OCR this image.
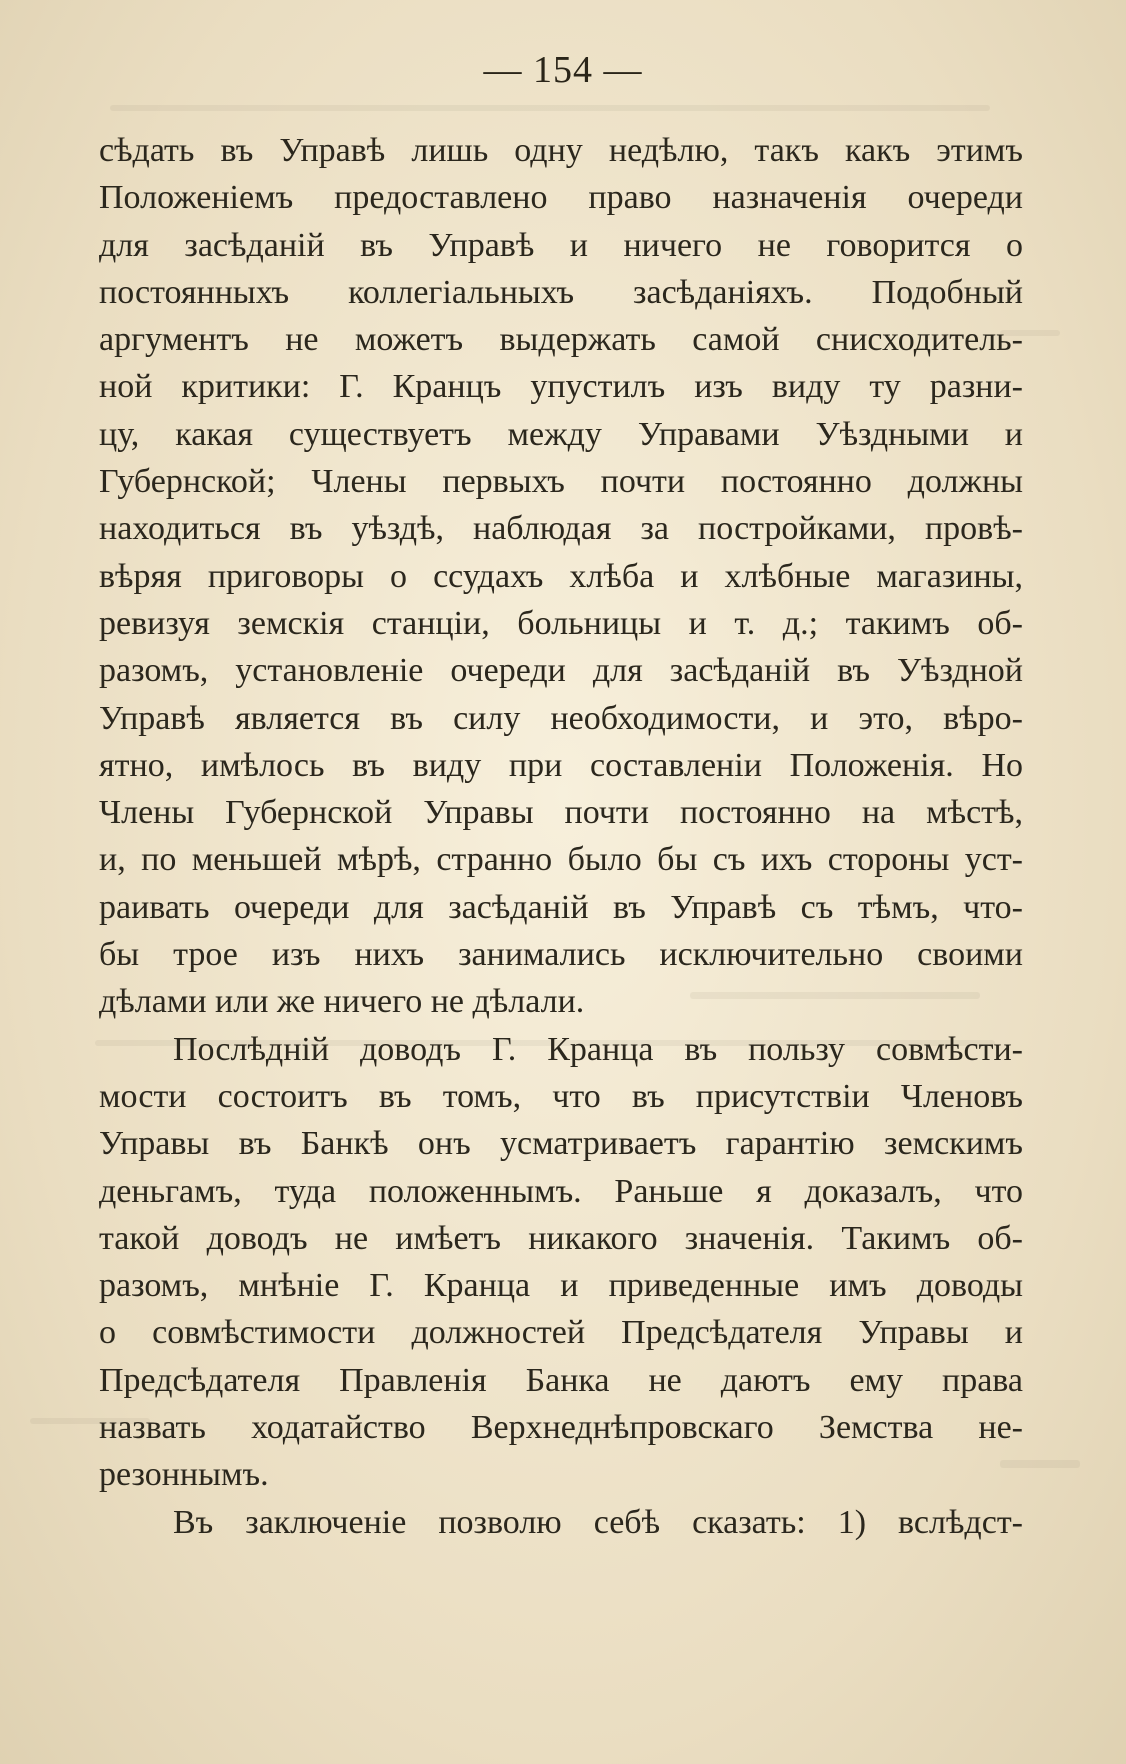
— 154 —
сѣдать въ Управѣ лишь одну недѣлю, такъ какъ этимъ
Положеніемъ предоставлено право назначенія очереди
для засѣданій въ Управѣ и ничего не говорится о
постоянныхъ коллегіальныхъ засѣданіяхъ. Подобный
аргументъ не можетъ выдержать самой снисходитель-
ной критики: Г. Кранцъ упустилъ изъ виду ту разни-
цу, какая существуетъ между Управами Уѣздными и
Губернской; Члены первыхъ почти постоянно должны
находиться въ уѣздѣ, наблюдая за постройками, провѣ-
вѣряя приговоры о ссудахъ хлѣба и хлѣбные магазины,
ревизуя земскія станціи, больницы и т. д.; такимъ об-
разомъ, установленіе очереди для засѣданій въ Уѣздной
Управѣ является въ силу необходимости, и это, вѣро-
ятно, имѣлось въ виду при составленіи Положенія. Но
Члены Губернской Управы почти постоянно на мѣстѣ,
и, по меньшей мѣрѣ, странно было бы съ ихъ стороны уст-
раивать очереди для засѣданій въ Управѣ съ тѣмъ, что-
бы трое изъ нихъ занимались исключительно своими
дѣлами или же ничего не дѣлали.
Послѣдній доводъ Г. Кранца въ пользу совмѣсти-
мости состоитъ въ томъ, что въ присутствіи Членовъ
Управы въ Банкѣ онъ усматриваетъ гарантію земскимъ
деньгамъ, туда положеннымъ. Раньше я доказалъ, что
такой доводъ не имѣетъ никакого значенія. Такимъ об-
разомъ, мнѣніе Г. Кранца и приведенные имъ доводы
о совмѣстимости должностей Предсѣдателя Управы и
Предсѣдателя Правленія Банка не даютъ ему права
назвать ходатайство Верхнеднѣпровскаго Земства не-
резоннымъ.
Въ заключеніе позволю себѣ сказать: 1) вслѣдст-
